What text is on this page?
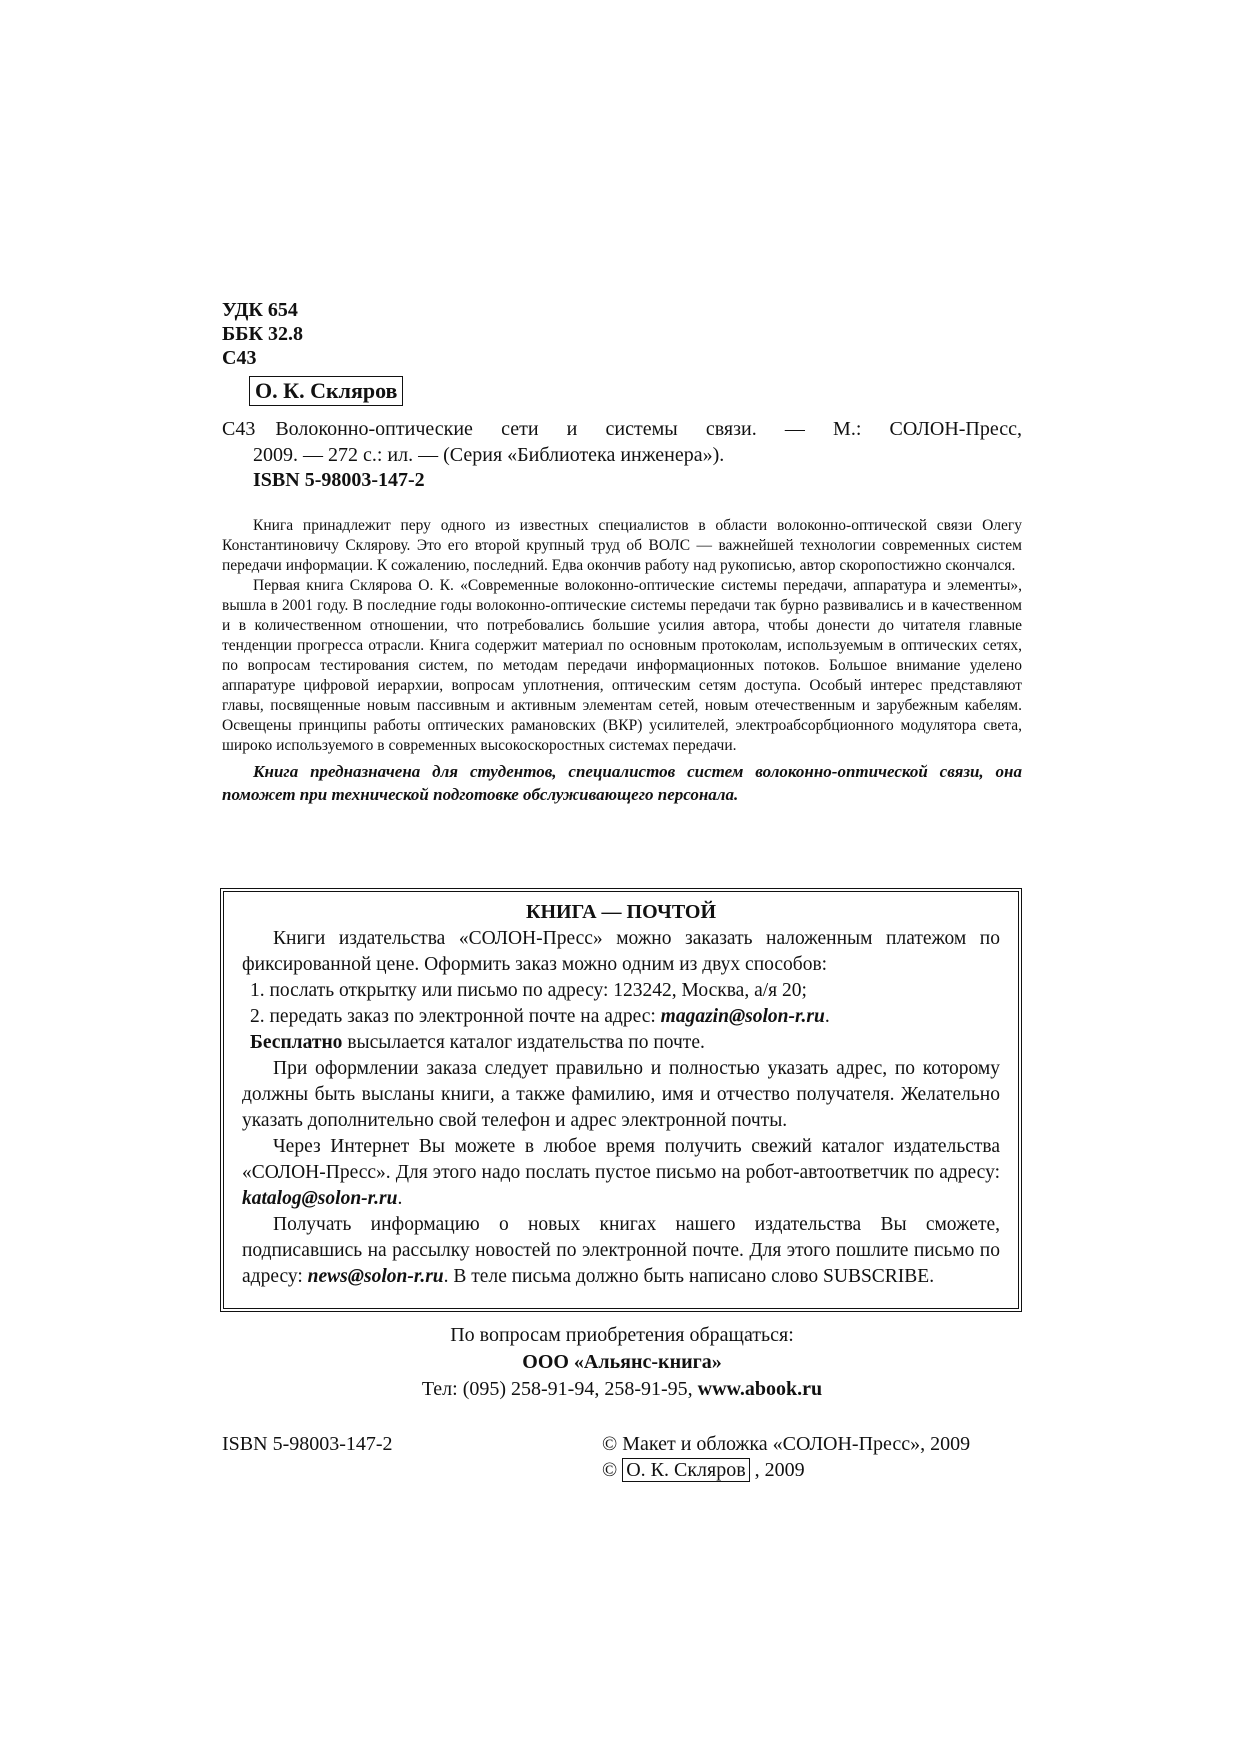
УДК 654
ББК 32.8
С43
О. К. Скляров
С43  Волоконно-оптические сети и системы связи. — М.: СОЛОН-Пресс,
2009. — 272 с.: ил. — (Серия «Библиотека инженера»).
ISBN 5-98003-147-2

Книга принадлежит перу одного из известных специалистов в области волоконно-оптической связи Олегу Константиновичу Склярову. Это его второй крупный труд об ВОЛС — важнейшей технологии современных систем передачи информации. К сожалению, последний. Едва окончив работу над рукописью, автор скоропостижно скончался.

Первая книга Склярова О. К. «Современные волоконно-оптические системы передачи, аппаратура и элементы», вышла в 2001 году. В последние годы волоконно-оптические системы передачи так бурно развивались и в качественном и в количественном отношении, что потребовались большие усилия автора, чтобы донести до читателя главные тенденции прогресса отрасли. Книга содержит материал по основным протоколам, используемым в оптических сетях, по вопросам тестирования систем, по методам передачи информационных потоков. Большое внимание уделено аппаратуре цифровой иерархии, вопросам уплотнения, оптическим сетям доступа. Особый интерес представляют главы, посвященные новым пассивным и активным элементам сетей, новым отечественным и зарубежным кабелям. Освещены принципы работы оптических рамановских (ВКР) усилителей, электроабсорбционного модулятора света, широко используемого в современных высокоскоростных системах передачи.

Книга предназначена для студентов, специалистов систем волоконно-оптической связи, она поможет при технической подготовке обслуживающего персонала.

КНИГА — ПОЧТОЙ

Книги издательства «СОЛОН-Пресс» можно заказать наложенным платежом по фиксированной цене. Оформить заказ можно одним из двух способов:

1. послать открытку или письмо по адресу: 123242, Москва, а/я 20;

2. передать заказ по электронной почте на адрес: magazin@solon-r.ru.

Бесплатно высылается каталог издательства по почте.

При оформлении заказа следует правильно и полностью указать адрес, по которому должны быть высланы книги, а также фамилию, имя и отчество получателя. Желательно указать дополнительно свой телефон и адрес электронной почты.

Через Интернет Вы можете в любое время получить свежий каталог издательства «СОЛОН-Пресс». Для этого надо послать пустое письмо на робот-автоответчик по адресу: katalog@solon-r.ru.

Получать информацию о новых книгах нашего издательства Вы сможете, подписавшись на рассылку новостей по электронной почте. Для этого пошлите письмо по адресу: news@solon-r.ru. В теле письма должно быть написано слово SUBSCRIBE.

По вопросам приобретения обращаться:
ООО «Альянс-книга»
Тел: (095) 258-91-94, 258-91-95, www.abook.ru
ISBN 5-98003-147-2	© Макет и обложка «СОЛОН-Пресс», 2009
© О. К. Скляров , 2009
